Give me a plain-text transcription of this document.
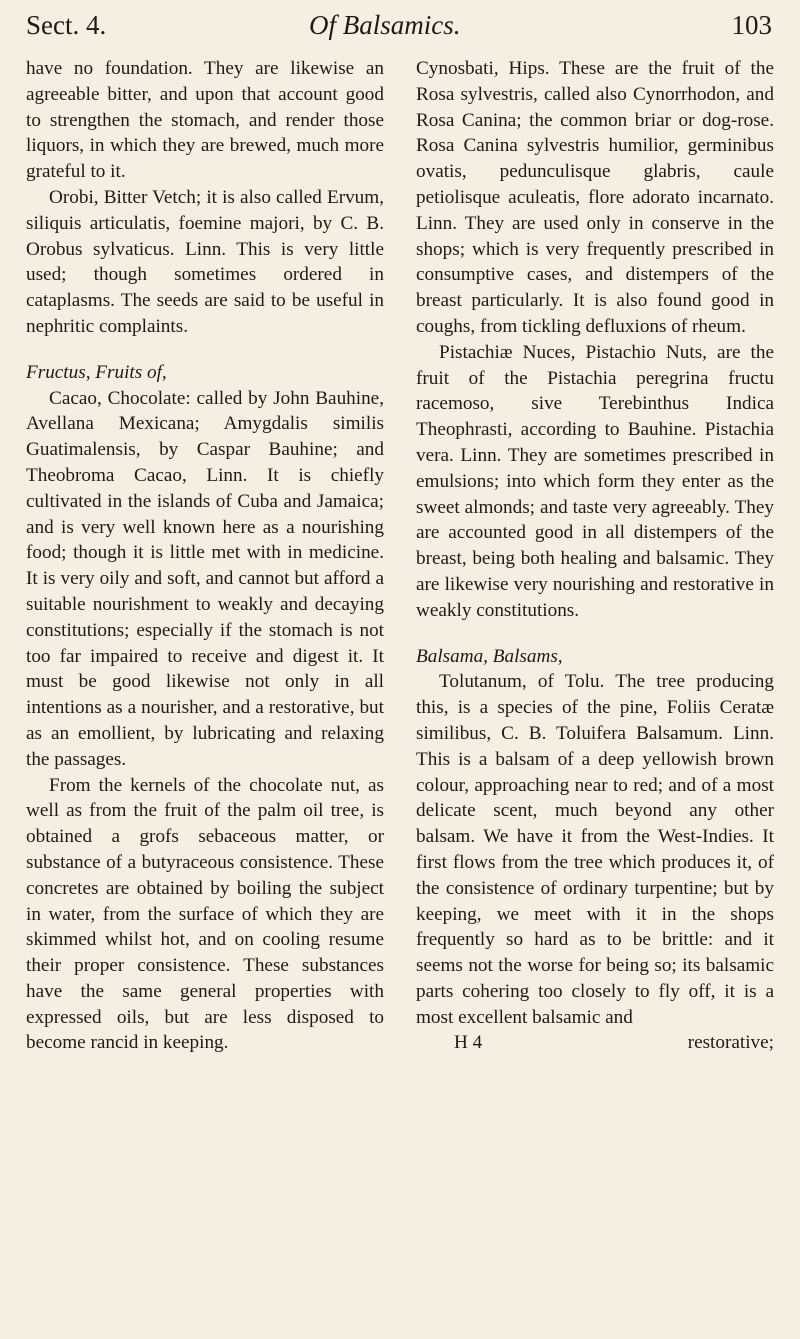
Sect. 4.	Of Balsamics.	103

have no foundation. They are likewise an agreeable bitter, and upon that account good to strengthen the stomach, and render those liquors, in which they are brewed, much more grateful to it.

Orobi, Bitter Vetch; it is also called Ervum, siliquis articulatis, foemine majori, by C. B. Orobus sylvaticus. Linn. This is very little used; though sometimes ordered in cataplasms. The seeds are said to be useful in nephritic complaints.

Fructus, Fruits of,

Cacao, Chocolate: called by John Bauhine, Avellana Mexicana; Amygdalis similis Guatimalensis, by Caspar Bauhine; and Theobroma Cacao, Linn. It is chiefly cultivated in the islands of Cuba and Jamaica; and is very well known here as a nourishing food; though it is little met with in medicine. It is very oily and soft, and cannot but afford a suitable nourishment to weakly and decaying constitutions; especially if the stomach is not too far impaired to receive and digest it. It must be good likewise not only in all intentions as a nourisher, and a restorative, but as an emollient, by lubricating and relaxing the passages.

From the kernels of the chocolate nut, as well as from the fruit of the palm oil tree, is obtained a grofs sebaceous matter, or substance of a butyraceous consistence. These concretes are obtained by boiling the subject in water, from the surface of which they are skimmed whilst hot, and on cooling resume their proper consistence. These substances have the same general properties with expressed oils, but are less disposed to become rancid in keeping.

Cynosbati, Hips. These are the fruit of the Rosa sylvestris, called also Cynorrhodon, and Rosa Canina; the common briar or dog-rose. Rosa Canina sylvestris humilior, germinibus ovatis, pedunculisque glabris, caule petiolisque aculeatis, flore adorato incarnato. Linn. They are used only in conserve in the shops; which is very frequently prescribed in consumptive cases, and distempers of the breast particularly. It is also found good in coughs, from tickling defluxions of rheum.

Pistachiæ Nuces, Pistachio Nuts, are the fruit of the Pistachia peregrina fructu racemoso, sive Terebinthus Indica Theophrasti, according to Bauhine. Pistachia vera. Linn. They are sometimes prescribed in emulsions; into which form they enter as the sweet almonds; and taste very agreeably. They are accounted good in all distempers of the breast, being both healing and balsamic. They are likewise very nourishing and restorative in weakly constitutions.

Balsama, Balsams,

Tolutanum, of Tolu. The tree producing this, is a species of the pine, Foliis Ceratæ similibus, C. B. Toluifera Balsamum. Linn. This is a balsam of a deep yellowish brown colour, approaching near to red; and of a most delicate scent, much beyond any other balsam. We have it from the West-Indies. It first flows from the tree which produces it, of the consistence of ordinary turpentine; but by keeping, we meet with it in the shops frequently so hard as to be brittle: and it seems not the worse for being so; its balsamic parts cohering too closely to fly off, it is a most excellent balsamic and

H 4	restorative;
